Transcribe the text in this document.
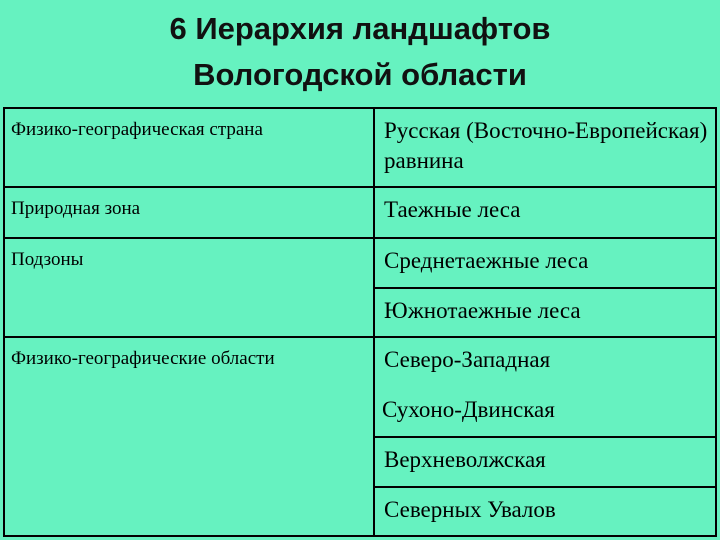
6 Иерархия ландшафтов
Вологодской области
Физико-географическая страна	Русская (Восточно-Европейская) равнина
Природная зона	Таежные леса
Подзоны	Среднетаежные леса
Южнотаежные леса
Физико-географические области	Северо-Западная
Сухоно-Двинская
Верхневолжская
Северных Увалов
